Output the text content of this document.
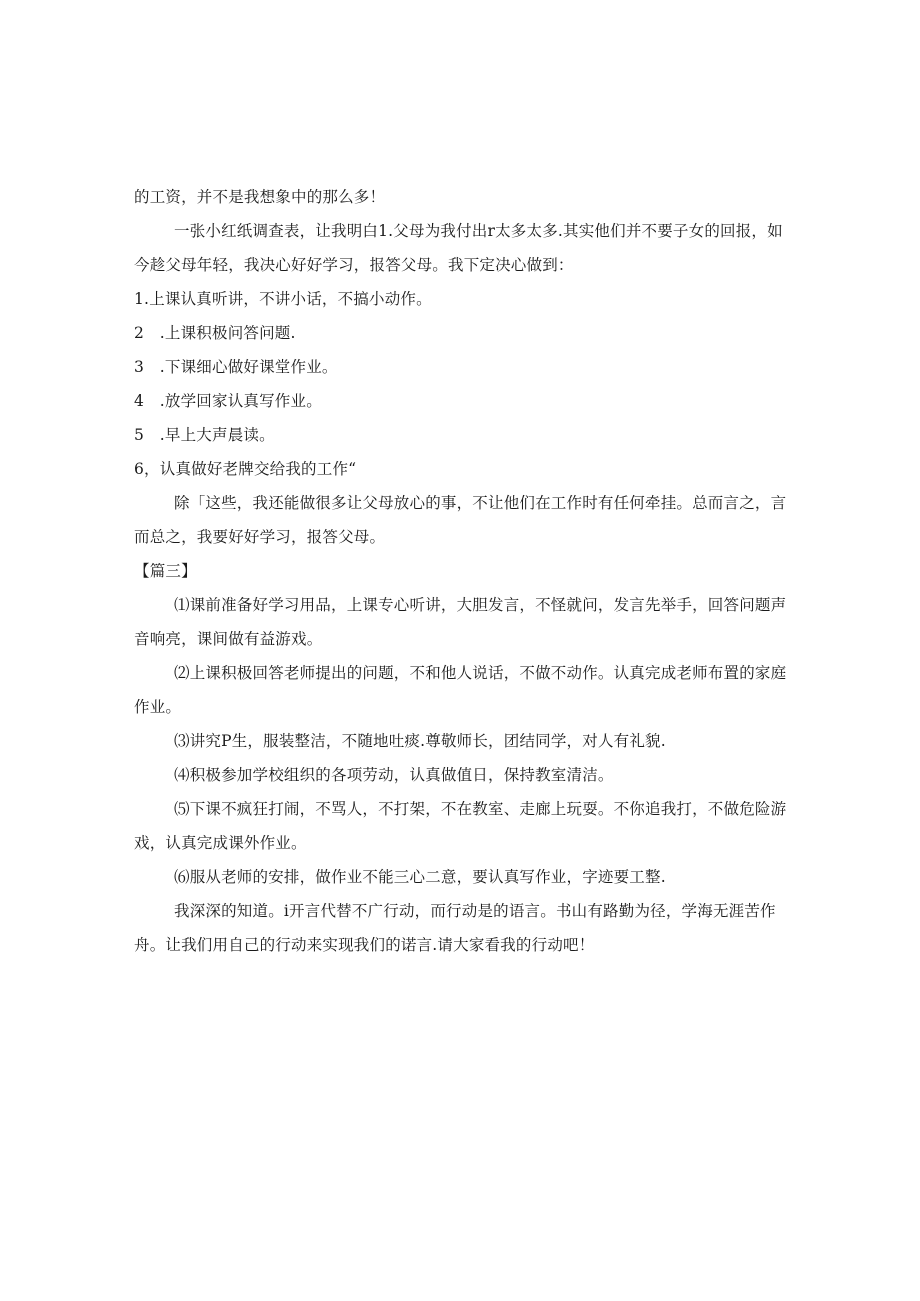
的工资，并不是我想象中的那么多！

一张小红纸调查表，让我明白1.父母为我付出r太多太多.其实他们并不要子女的回报，如今趁父母年轻，我决心好好学习，报答父母。我下定决心做到：

1.上课认真听讲，不讲小话，不搞小动作。

2　.上课积极问答问题.

3　.下课细心做好课堂作业。

4　.放学回家认真写作业。

5　.早上大声晨读。

6，认真做好老牌交给我的工作“

除「这些，我还能做很多让父母放心的事，不让他们在工作时有任何牵挂。总而言之，言而总之，我要好好学习，报答父母。

【篇三】

⑴课前准备好学习用品，上课专心听讲，大胆发言，不怪就问，发言先举手，回答问题声音响亮，课间做有益游戏。

⑵上课积极回答老师提出的问题，不和他人说话，不做不动作。认真完成老师布置的家庭作业。

⑶讲究P生，服装整洁，不随地吐痰.尊敬师长，团结同学，对人有礼貌.

⑷积极参加学校组织的各项劳动，认真做值日，保持教室清洁。

⑸下课不疯狂打闹，不骂人，不打架，不在教室、走廊上玩耍。不你追我打，不做危险游戏，认真完成课外作业。

⑹服从老师的安排，做作业不能三心二意，要认真写作业，字迹要工整.

我深深的知道。i开言代替不广行动，而行动是的语言。书山有路勤为径，学海无涯苦作舟。让我们用自己的行动来实现我们的诺言.请大家看我的行动吧！
